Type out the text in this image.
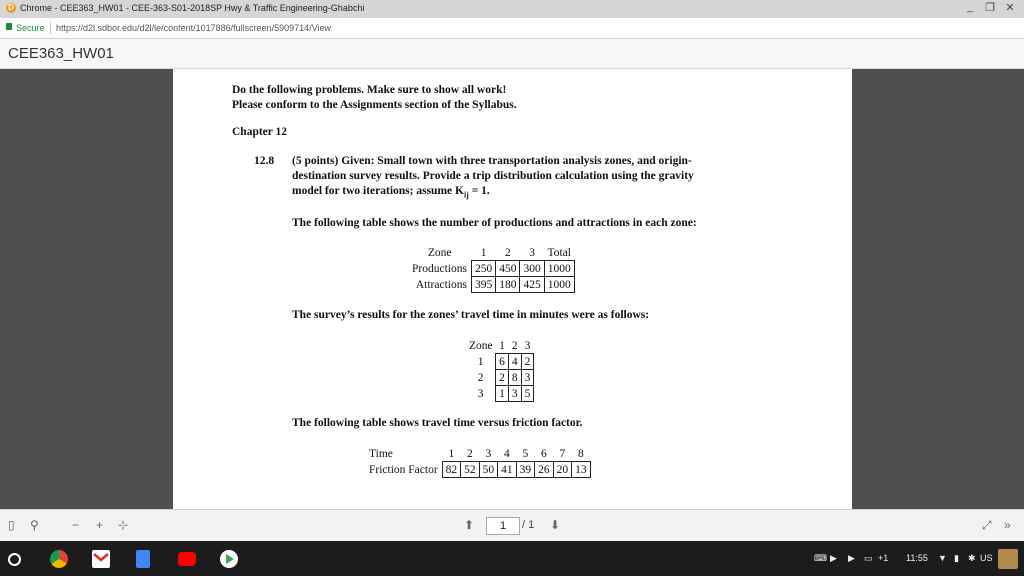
D Chrome - CEE363_HW01 - CEE-363-S01-2018SP Hwy & Traffic Engineering-Ghabchi	_	❐ ✕
Secure https://d2l.sdbor.edu/d2l/le/content/1017886/fullscreen/5909714/View
CEE363_HW01
Do the following problems. Make sure to show all work!
Please conform to the Assignments section of the Syllabus.
Chapter 12
12.8 (5 points) Given: Small town with three transportation analysis zones, and origin-
destination survey results. Provide a trip distribution calculation using the gravity
model for two iterations; assume $K_{ij} = 1$.
The following table shows the number of productions and attractions in each zone:
Zone	1	2	3	Total
Productions	250	450	300	1000
Attractions	395	180	425	1000
The survey’s results for the zones’ travel time in minutes were as follows:
Zone	1	2	3
1	6	4	2
2	2	8	3
3	1	3	5
The following table shows travel time versus friction factor.
Time	1	2	3	4	5	6	7	8
Friction Factor	82	52	50	41	39	26	20	13
▯ ⚲	− + ⊹	⬆	1	/ 1 ⬇	⤢ »
⌨ ▶ ▶ ▭ +1 11:55 ▼ ▮ ✱ US
